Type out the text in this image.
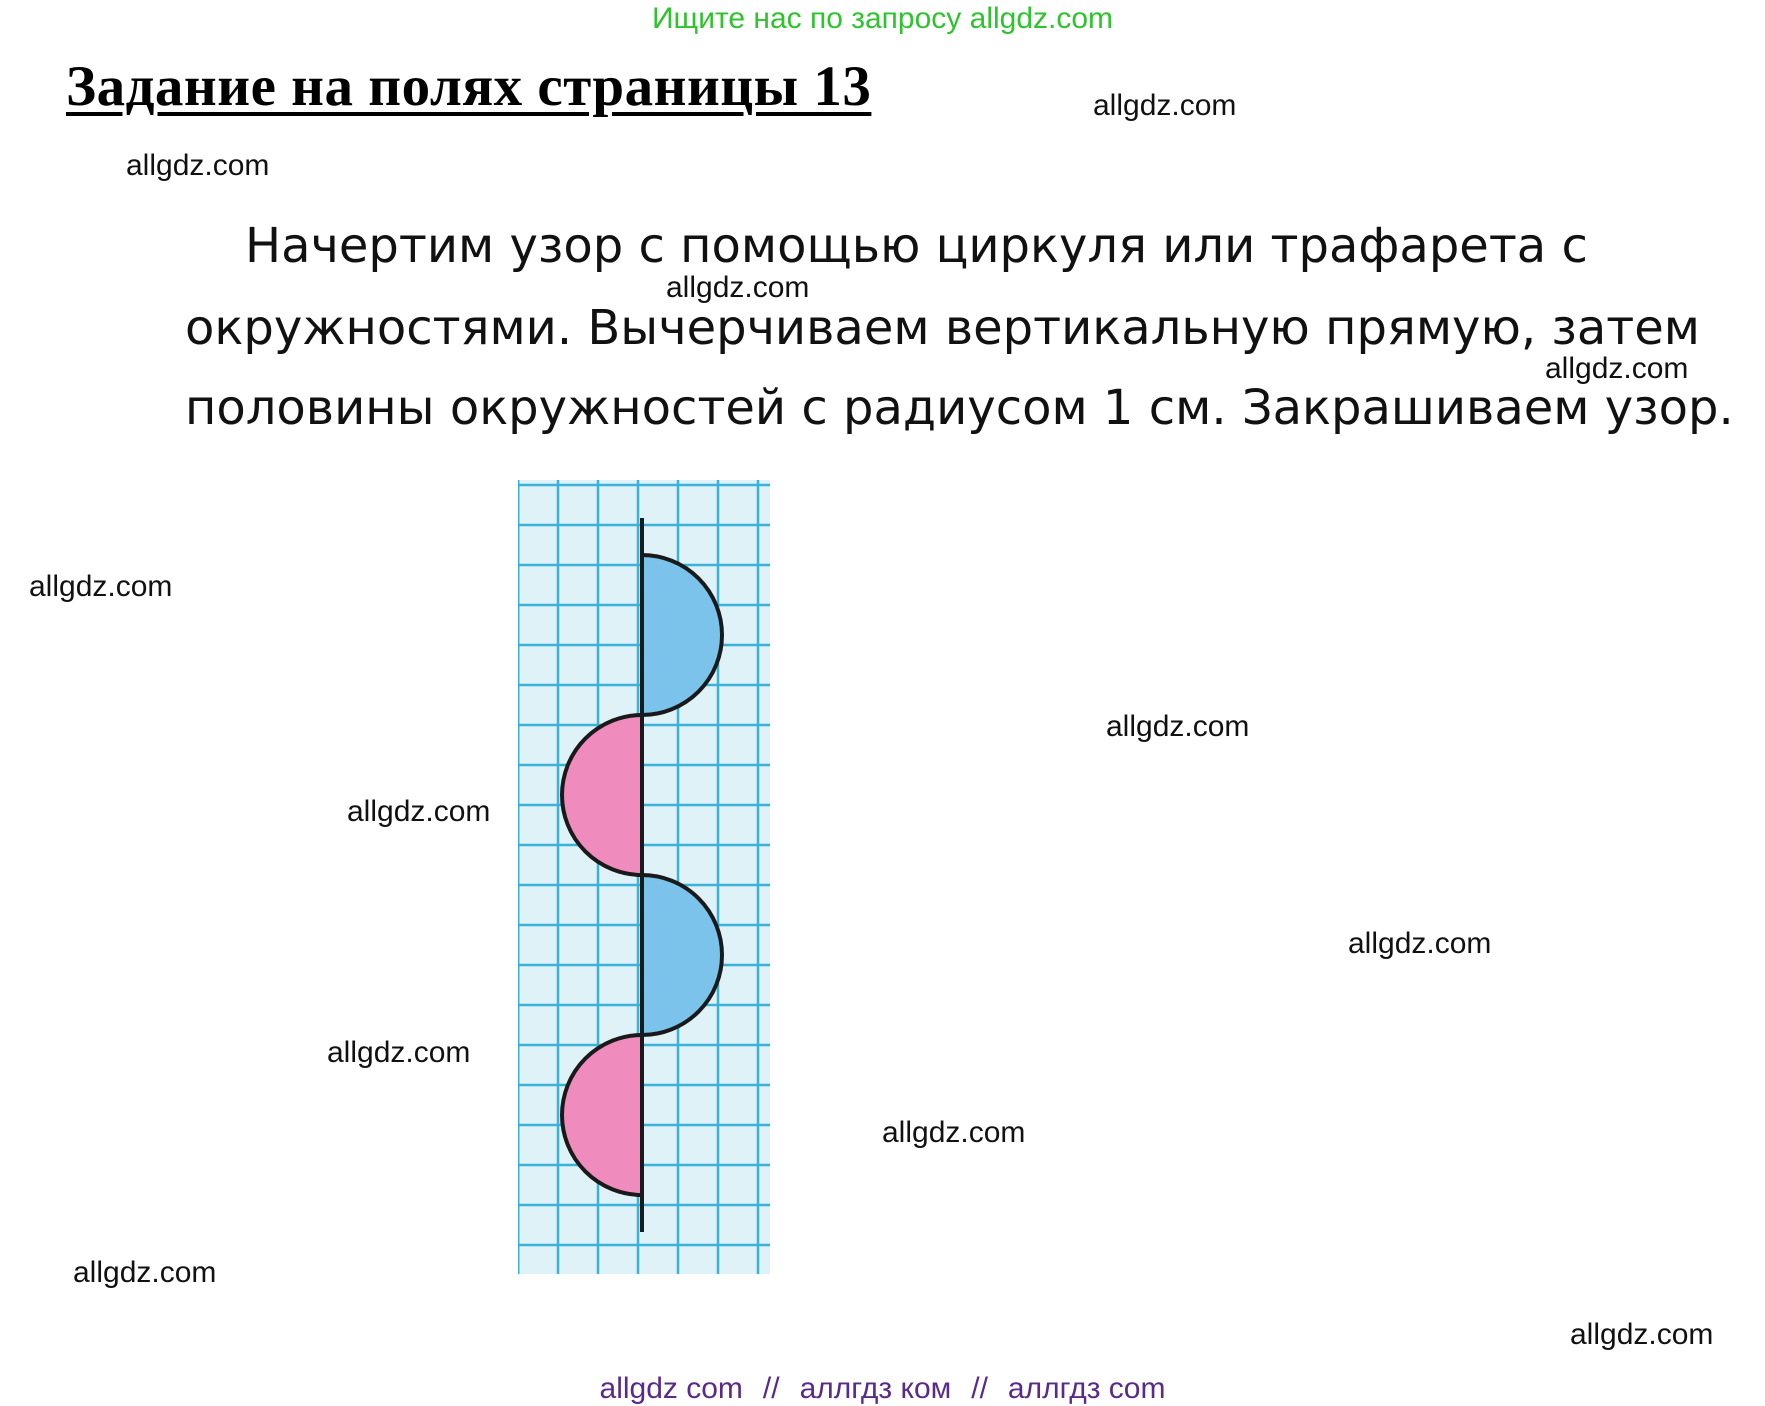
Ищите нас по запросу allgdz.com
Задание на полях страницы 13
Начертим узор с помощью циркуля или трафарета с
окружностями. Вычерчиваем вертикальную прямую, затем
половины окружностей с радиусом 1 см. Закрашиваем узор.
allgdz.com
allgdz.com
allgdz.com
allgdz.com
allgdz.com
allgdz.com
allgdz.com
allgdz.com
allgdz.com
allgdz.com
allgdz.com
allgdz.com
allgdz com // аллгдз ком // аллгдз com
